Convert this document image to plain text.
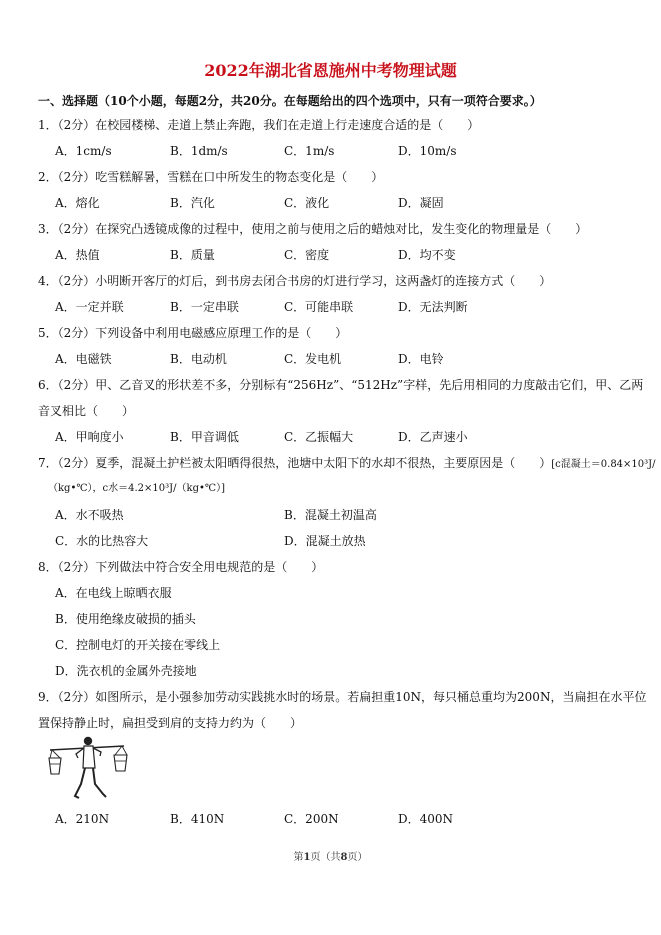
2022年湖北省恩施州中考物理试题
一、选择题（10个小题，每题2分，共20分。在每题给出的四个选项中，只有一项符合要求。）
1．（2分）在校园楼梯、走道上禁止奔跑，我们在走道上行走速度合适的是（　　）
A．1cm/s	B．1dm/s	C．1m/s	D．10m/s
2．（2分）吃雪糕解暑，雪糕在口中所发生的物态变化是（　　）
A．熔化	B．汽化	C．液化	D．凝固
3．（2分）在探究凸透镜成像的过程中，使用之前与使用之后的蜡烛对比，发生变化的物理量是（　　）
A．热值	B．质量	C．密度	D．均不变
4．（2分）小明断开客厅的灯后，到书房去闭合书房的灯进行学习，这两盏灯的连接方式（　　）
A．一定并联	B．一定串联	C．可能串联	D．无法判断
5．（2分）下列设备中利用电磁感应原理工作的是（　　）
A．电磁铁	B．电动机	C．发电机	D．电铃
6．（2分）甲、乙音叉的形状差不多，分别标有“256Hz”、“512Hz”字样，先后用相同的力度敲击它们，甲、乙两
音叉相比（　　）
A．甲响度小	B．甲音调低	C．乙振幅大	D．乙声速小
7．（2分）夏季，混凝土护栏被太阳晒得很热，池塘中太阳下的水却不很热，主要原因是（　　）[c混凝土＝0.84×10³J/
（kg•℃），c水＝4.2×10³J/（kg•℃）]
A．水不吸热	B．混凝土初温高
C．水的比热容大	D．混凝土放热
8．（2分）下列做法中符合安全用电规范的是（　　）
A．在电线上晾晒衣服
B．使用绝缘皮破损的插头
C．控制电灯的开关接在零线上
D．洗衣机的金属外壳接地
9．（2分）如图所示，是小强参加劳动实践挑水时的场景。若扁担重10N，每只桶总重均为200N，当扁担在水平位
置保持静止时，扁担受到肩的支持力约为（　　）
A．210N	B．410N	C．200N	D．400N
第1页（共8页）
